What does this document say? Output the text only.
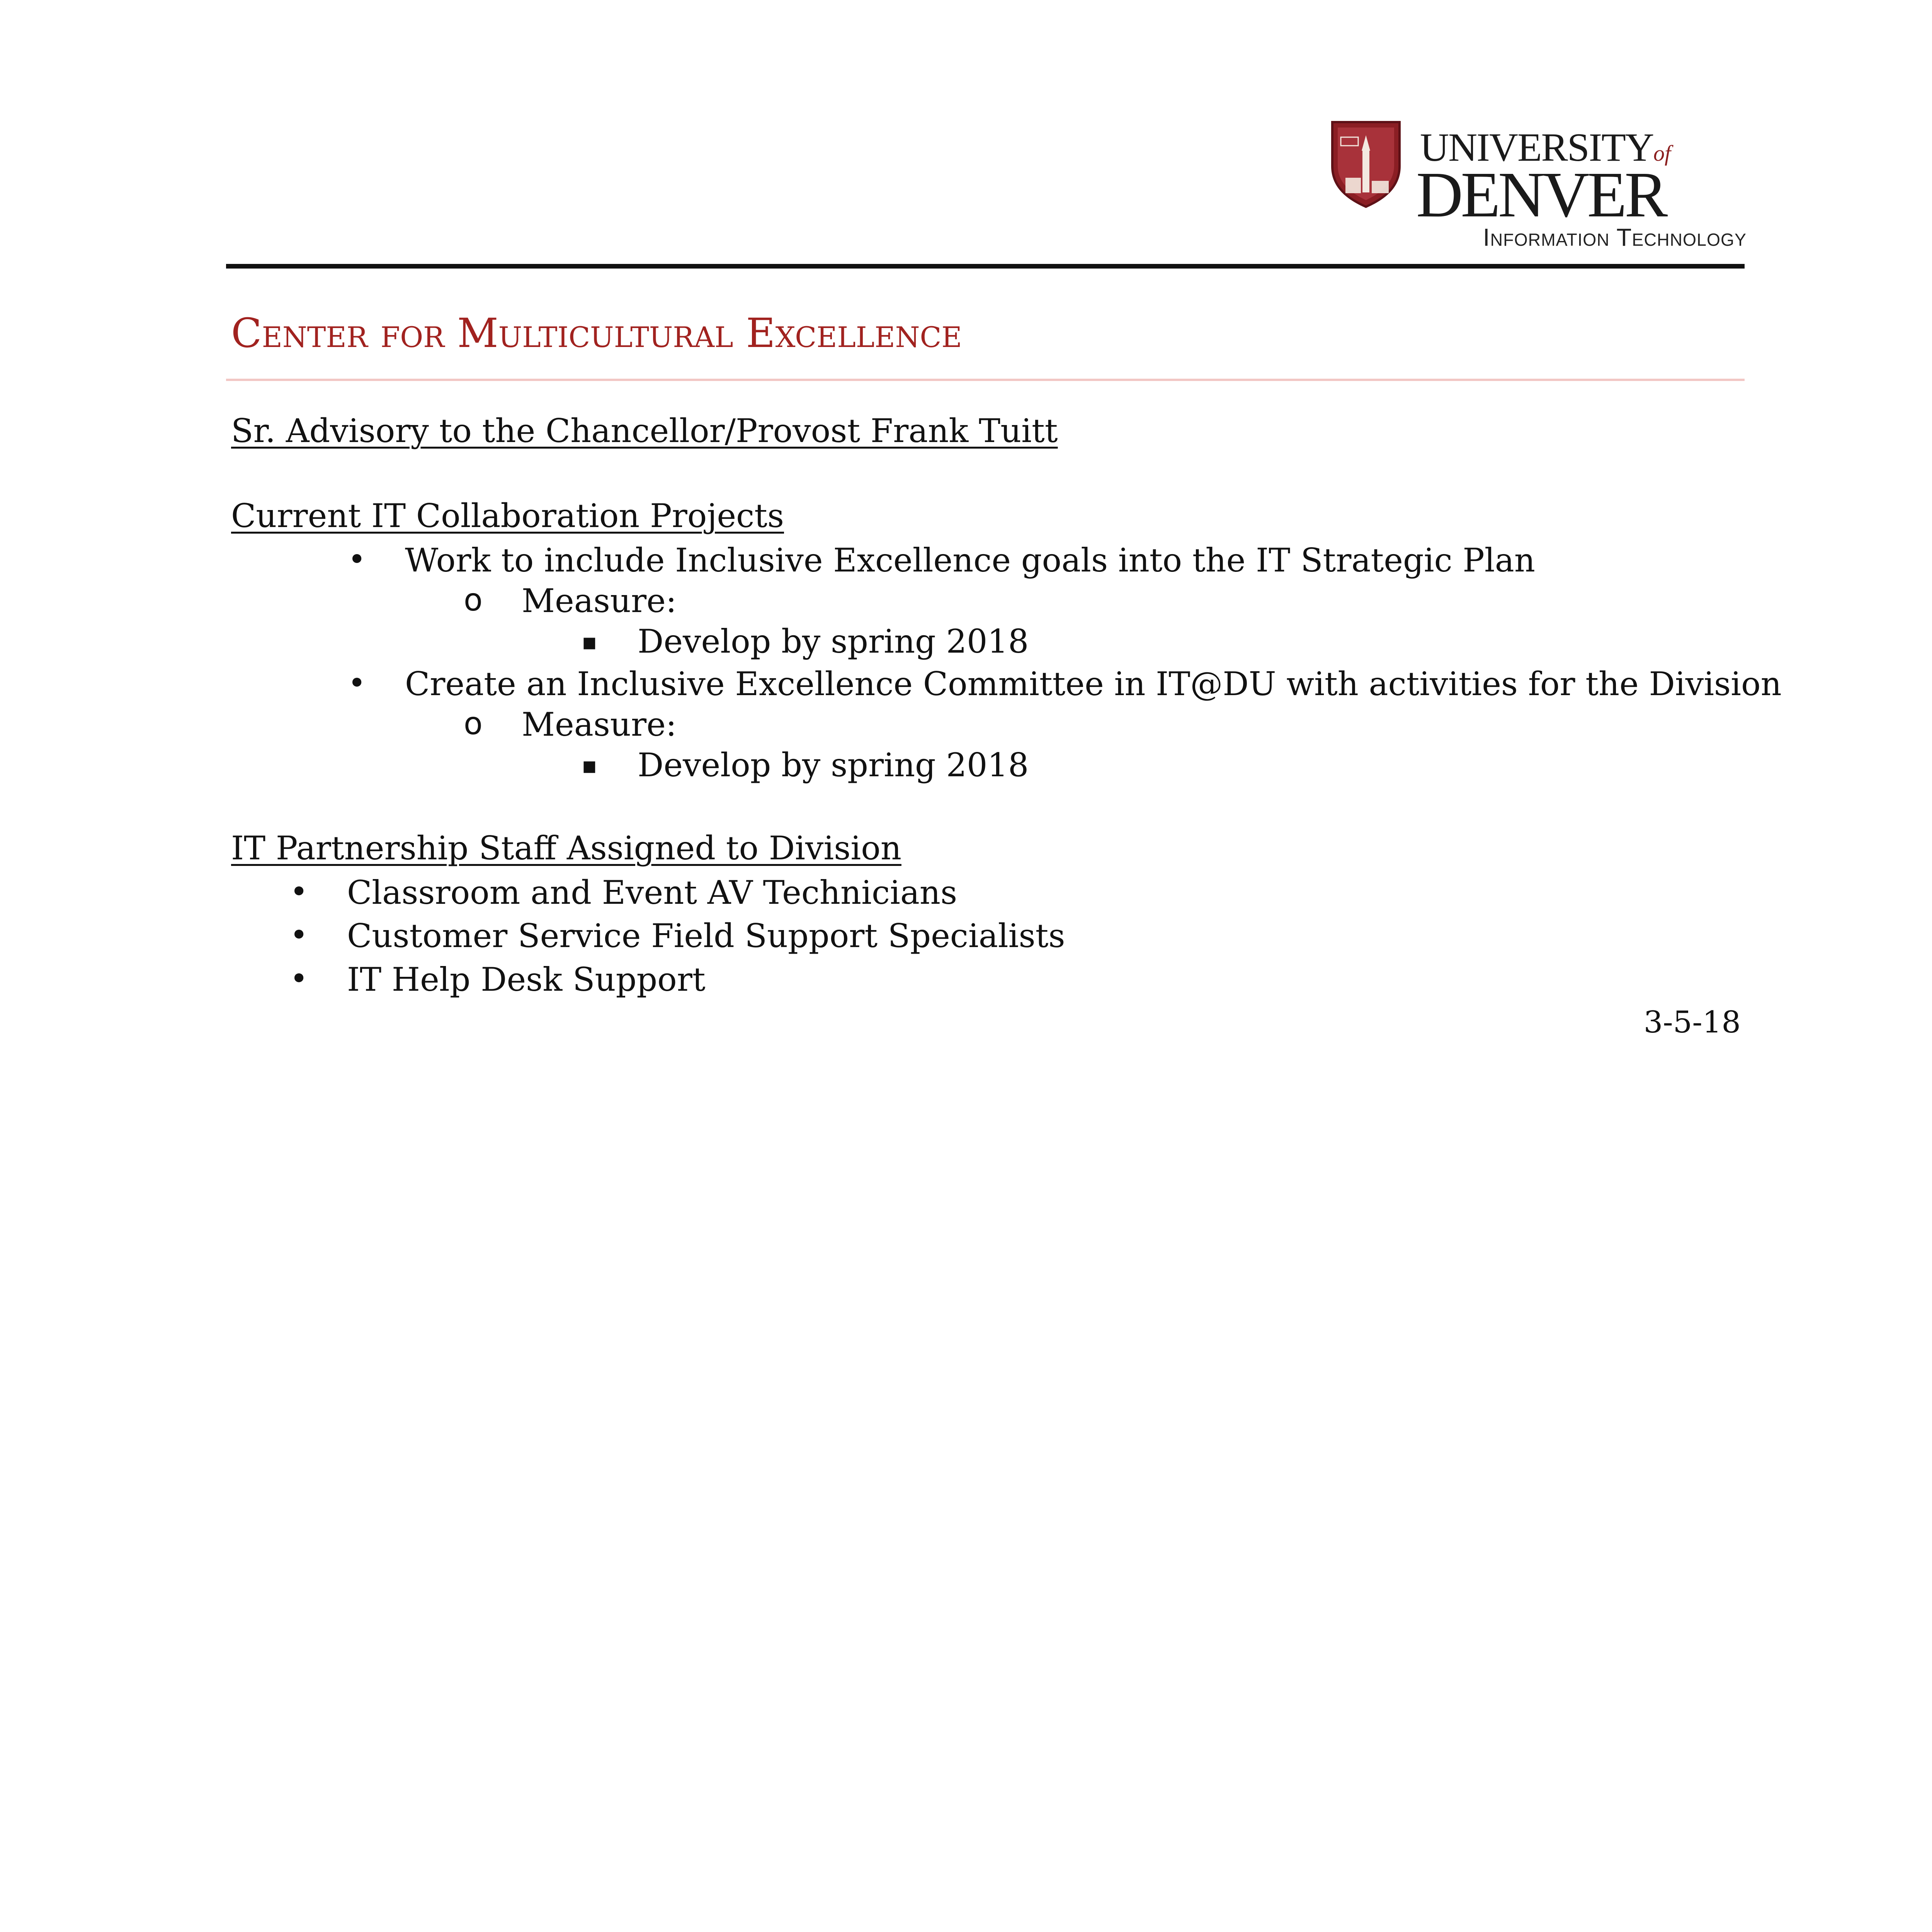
UNIVERSITYof
DENVER
Information Technology
Center for Multicultural Excellence

Sr. Advisory to the Chancellor/Provost Frank Tuitt

Current IT Collaboration Projects

• Work to include Inclusive Excellence goals into the IT Strategic Plan

o Measure:

▪ Develop by spring 2018

• Create an Inclusive Excellence Committee in IT@DU with activities for the Division

o Measure:

▪ Develop by spring 2018

IT Partnership Staff Assigned to Division

• Classroom and Event AV Technicians

• Customer Service Field Support Specialists

• IT Help Desk Support

3-5-18
